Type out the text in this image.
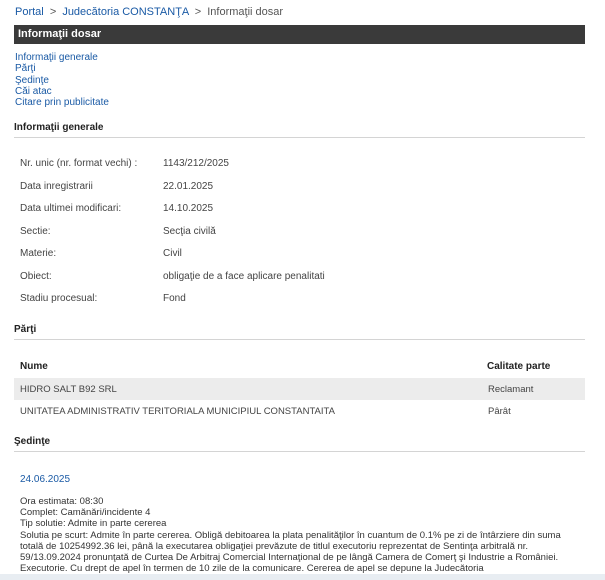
Portal > Judecătoria CONSTANŢA > Informaţii dosar
Informaţii dosar
Informaţii generale
Părţi
Şedinţe
Căi atac
Citare prin publicitate
Informaţii generale
Nr. unic (nr. format vechi) :	1143/212/2025
Data inregistrarii	22.01.2025
Data ultimei modificari:	14.10.2025
Sectie:	Secţia civilă
Materie:	Civil
Obiect:	obligaţie de a face aplicare penalitati
Stadiu procesual:	Fond
Părţi
Nume	Calitate parte
HIDRO SALT B92 SRL	Reclamant
UNITATEA ADMINISTRATIV TERITORIALA MUNICIPIUL CONSTANTAITA	Pârât
Şedinţe
24.06.2025
Ora estimata: 08:30
Complet: Camănări/incidente 4
Tip solutie: Admite in parte cererea
Solutia pe scurt: Admite în parte cererea. Obligă debitoarea la plata penalităţilor în cuantum de 0.1% pe zi de întârziere din suma totală de 10254992.36 lei, până la executarea obligaţiei prevăzute de titlul executoriu reprezentat de Sentinţa arbitrală nr. 59/13.09.2024 pronunţată de Curtea De Arbitraj Comercial Internaţional de pe lângă Camera de Comerţ şi Industrie a României. Executorie. Cu drept de apel în termen de 10 zile de la comunicare. Cererea de apel se depune la Judecătoria
